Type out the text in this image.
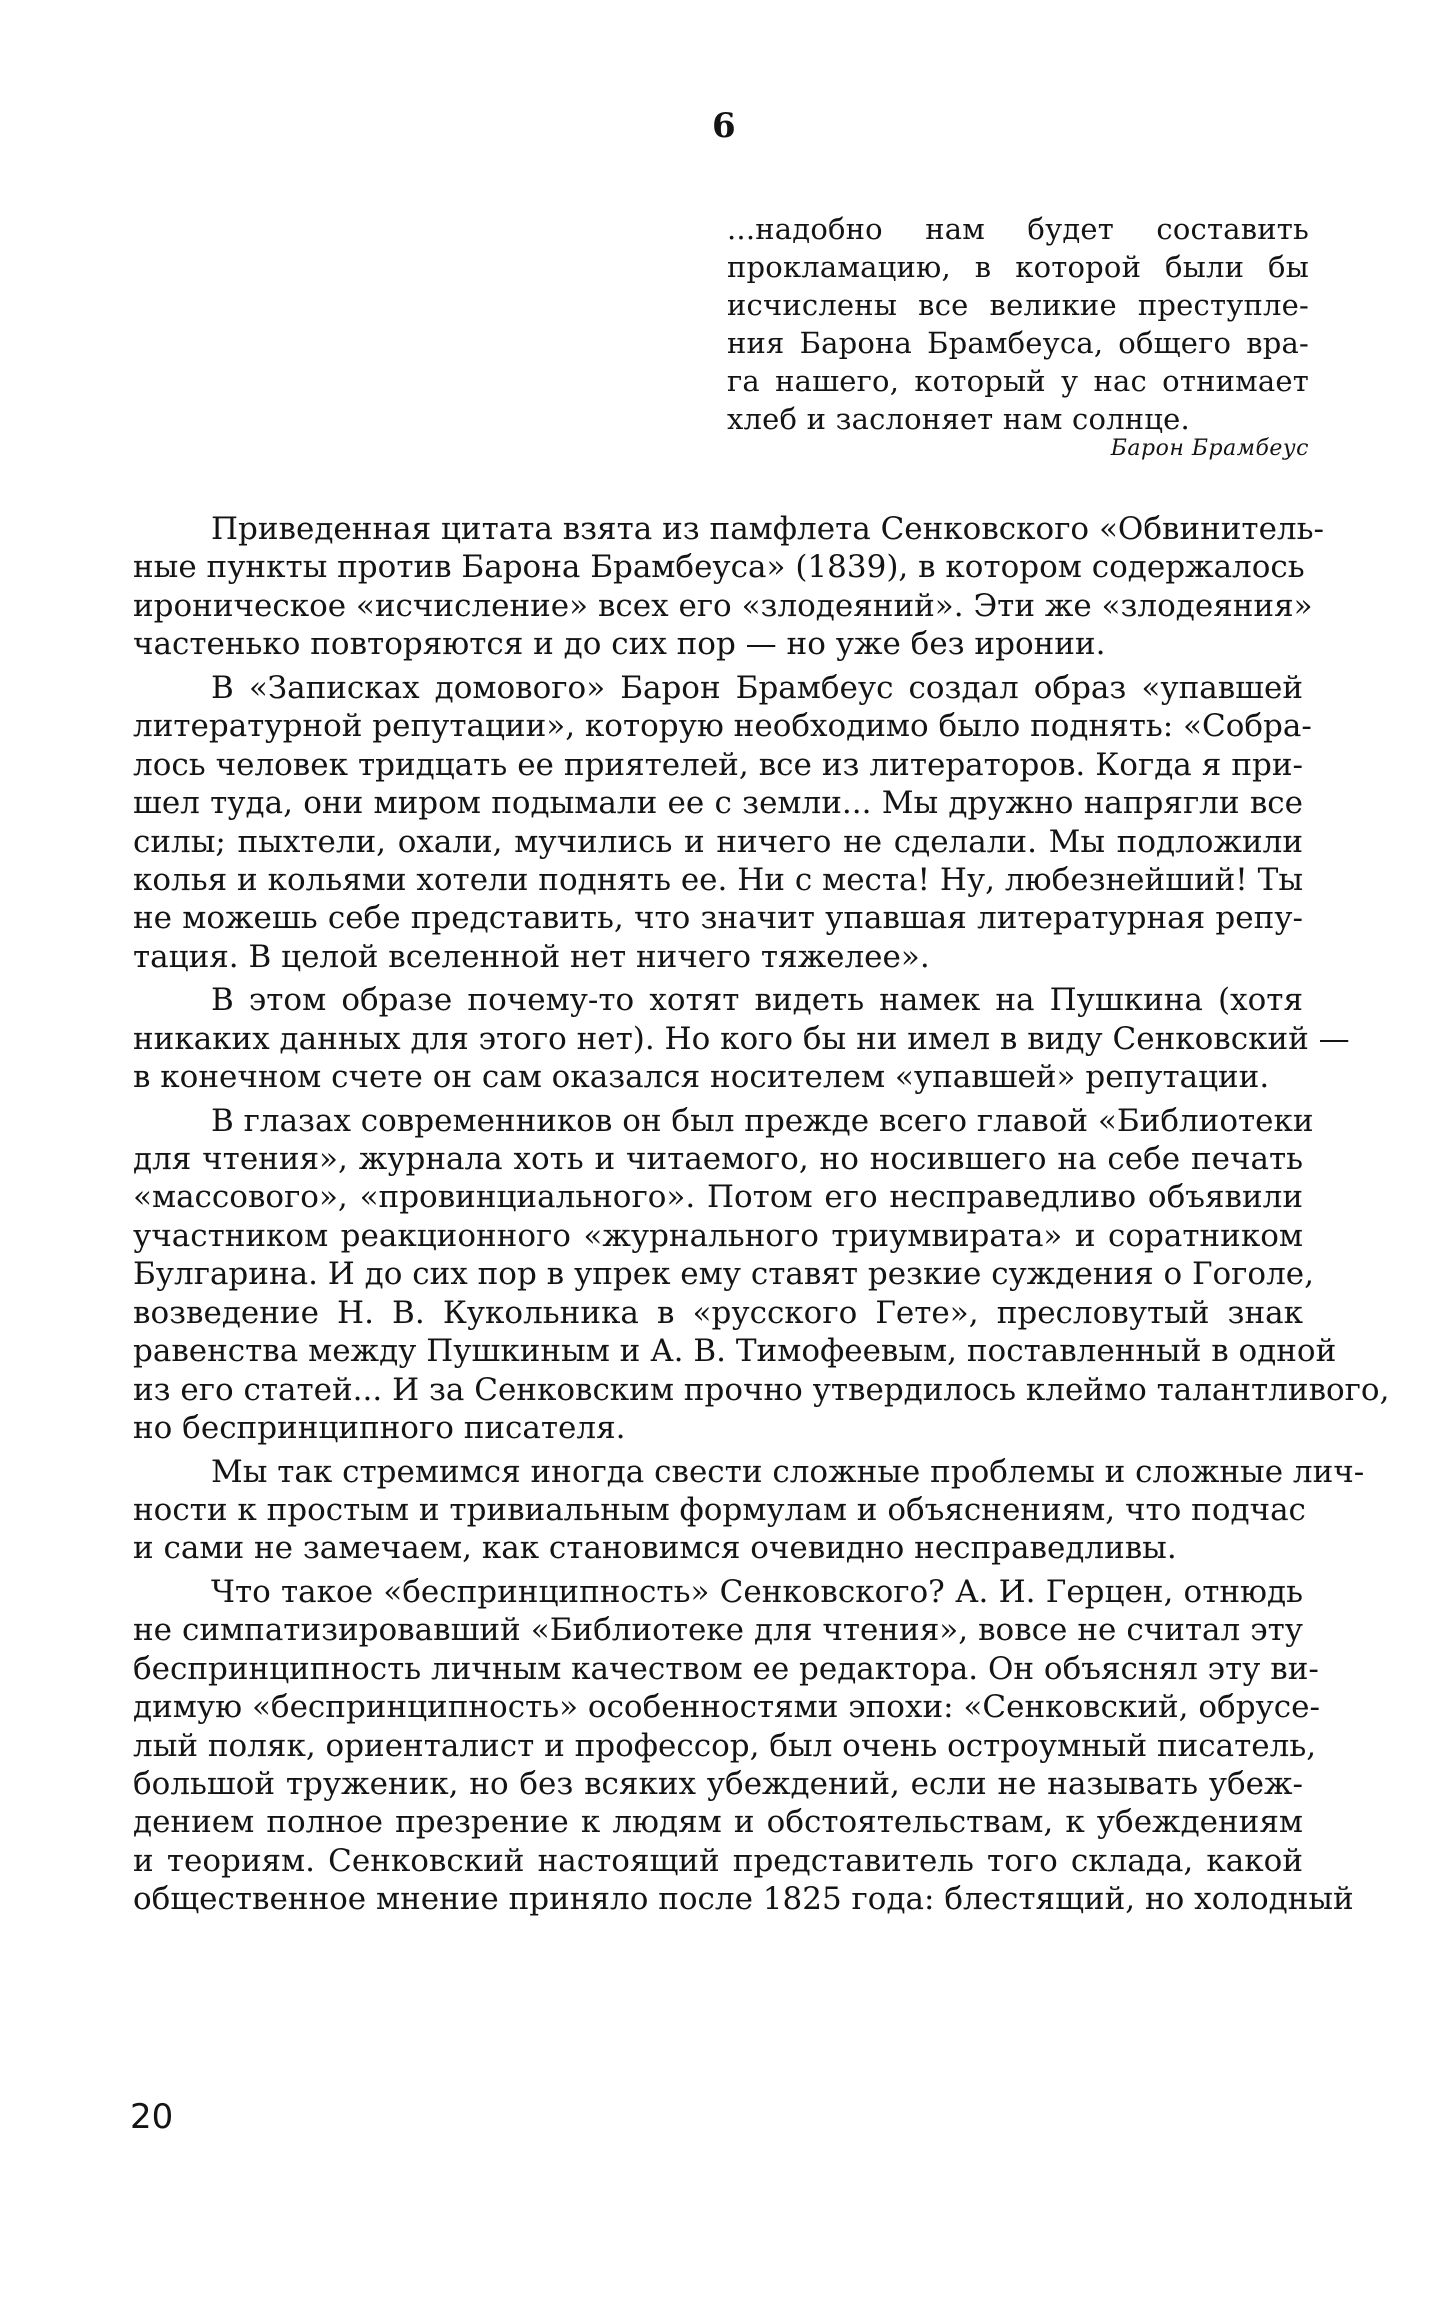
6
...надобно нам будет составить
прокламацию, в которой были бы
исчислены все великие преступле-
ния Барона Брамбеуса, общего вра-
га нашего, который у нас отнимает
хлеб и заслоняет нам солнце.
Барон Брамбеус
Приведенная цитата взята из памфлета Сенковского «Обвинитель-
ные пункты против Барона Брамбеуса» (1839), в котором содержалось
ироническое «исчисление» всех его «злодеяний». Эти же «злодеяния»
частенько повторяются и до сих пор — но уже без иронии.
В «Записках домового» Барон Брамбеус создал образ «упавшей
литературной репутации», которую необходимо было поднять: «Собра-
лось человек тридцать ее приятелей, все из литераторов. Когда я при-
шел туда, они миром подымали ее с земли... Мы дружно напрягли все
силы; пыхтели, охали, мучились и ничего не сделали. Мы подложили
колья и кольями хотели поднять ее. Ни с места! Ну, любезнейший! Ты
не можешь себе представить, что значит упавшая литературная репу-
тация. В целой вселенной нет ничего тяжелее».
В этом образе почему-то хотят видеть намек на Пушкина (хотя
никаких данных для этого нет). Но кого бы ни имел в виду Сенковский —
в конечном счете он сам оказался носителем «упавшей» репутации.
В глазах современников он был прежде всего главой «Библиотеки
для чтения», журнала хоть и читаемого, но носившего на себе печать
«массового», «провинциального». Потом его несправедливо объявили
участником реакционного «журнального триумвирата» и соратником
Булгарина. И до сих пор в упрек ему ставят резкие суждения о Гоголе,
возведение Н. В. Кукольника в «русского Гете», пресловутый знак
равенства между Пушкиным и А. В. Тимофеевым, поставленный в одной
из его статей... И за Сенковским прочно утвердилось клеймо талантливого,
но беспринципного писателя.
Мы так стремимся иногда свести сложные проблемы и сложные лич-
ности к простым и тривиальным формулам и объяснениям, что подчас
и сами не замечаем, как становимся очевидно несправедливы.
Что такое «беспринципность» Сенковского? А. И. Герцен, отнюдь
не симпатизировавший «Библиотеке для чтения», вовсе не считал эту
беспринципность личным качеством ее редактора. Он объяснял эту ви-
димую «беспринципность» особенностями эпохи: «Сенковский, обрусе-
лый поляк, ориенталист и профессор, был очень остроумный писатель,
большой труженик, но без всяких убеждений, если не называть убеж-
дением полное презрение к людям и обстоятельствам, к убеждениям
и теориям. Сенковский настоящий представитель того склада, какой
общественное мнение приняло после 1825 года: блестящий, но холодный
20
